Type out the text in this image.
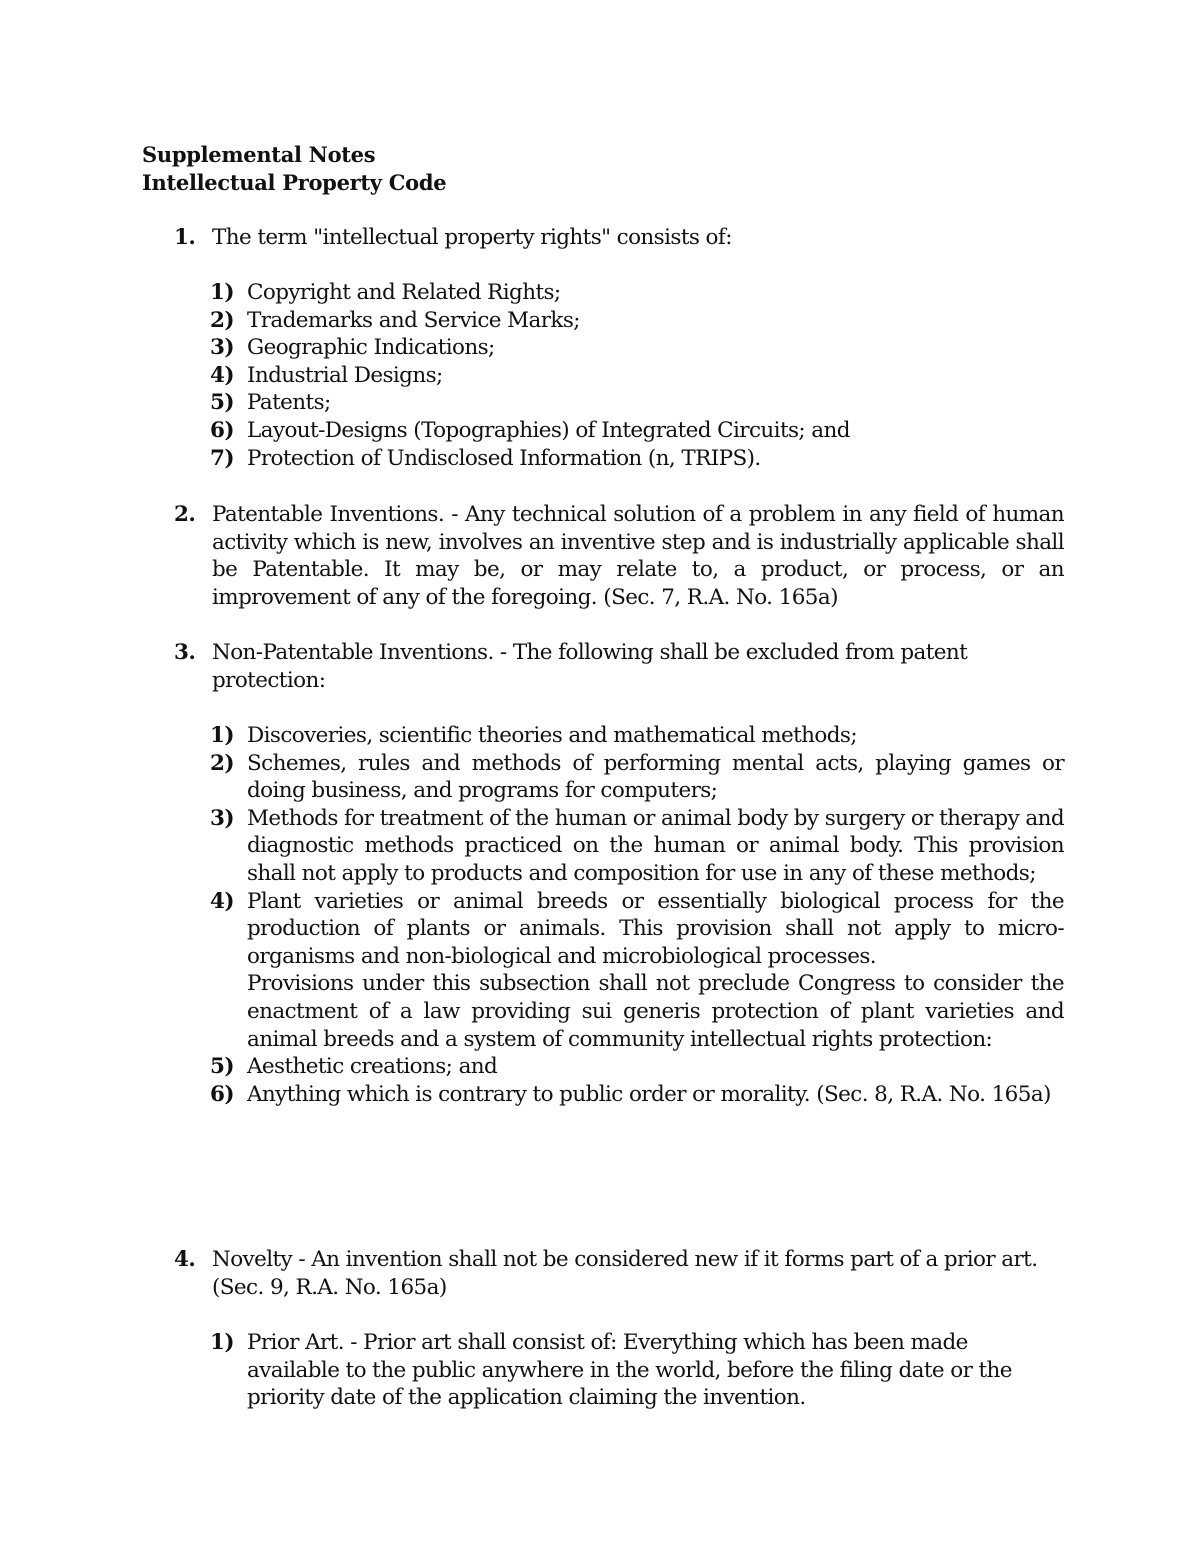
Supplemental Notes
Intellectual Property Code
1. The term "intellectual property rights" consists of:
1) Copyright and Related Rights;
2) Trademarks and Service Marks;
3) Geographic Indications;
4) Industrial Designs;
5) Patents;
6) Layout-Designs (Topographies) of Integrated Circuits; and
7) Protection of Undisclosed Information (n, TRIPS).
2. Patentable Inventions. - Any technical solution of a problem in any field of human activity which is new, involves an inventive step and is industrially applicable shall be Patentable. It may be, or may relate to, a product, or process, or an improvement of any of the foregoing. (Sec. 7, R.A. No. 165a)
3. Non-Patentable Inventions. - The following shall be excluded from patent protection:
1) Discoveries, scientific theories and mathematical methods;
2) Schemes, rules and methods of performing mental acts, playing games or doing business, and programs for computers;
3) Methods for treatment of the human or animal body by surgery or therapy and diagnostic methods practiced on the human or animal body. This provision shall not apply to products and composition for use in any of these methods;
4) Plant varieties or animal breeds or essentially biological process for the production of plants or animals. This provision shall not apply to micro-organisms and non-biological and microbiological processes.
Provisions under this subsection shall not preclude Congress to consider the enactment of a law providing sui generis protection of plant varieties and animal breeds and a system of community intellectual rights protection:
5) Aesthetic creations; and
6) Anything which is contrary to public order or morality. (Sec. 8, R.A. No. 165a)
4. Novelty - An invention shall not be considered new if it forms part of a prior art. (Sec. 9, R.A. No. 165a)
1) Prior Art. - Prior art shall consist of: Everything which has been made available to the public anywhere in the world, before the filing date or the priority date of the application claiming the invention.
